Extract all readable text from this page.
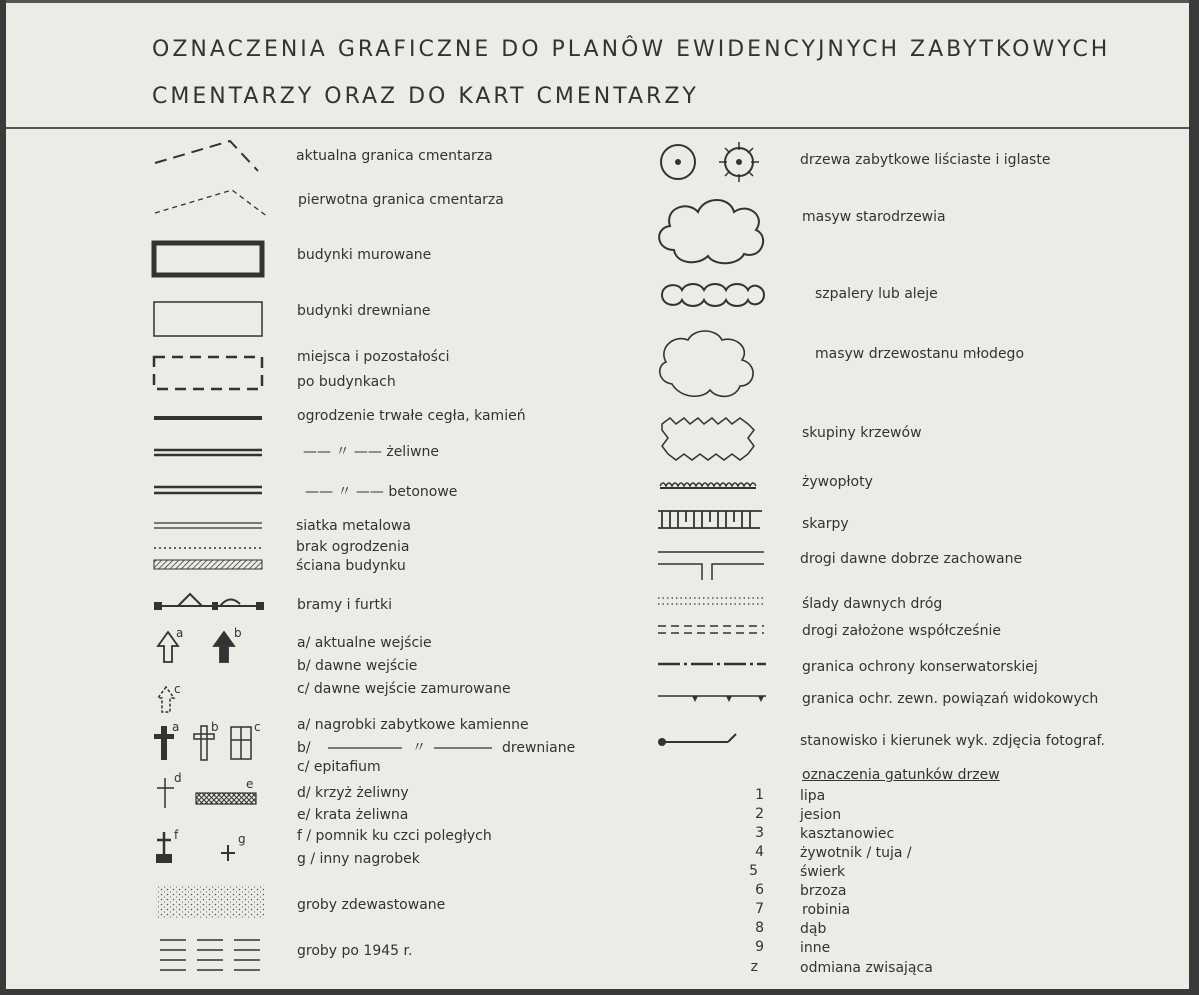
OZNACZENIA GRAFICZNE DO PLANÔW EWIDENCYJNYCH ZABYTKOWYCH
CMENTARZY ORAZ DO KART CMENTARZY
aktualna granica cmentarza
pierwotna granica cmentarza
budynki murowane
budynki drewniane
miejsca i pozostałości
po budynkach
ogrodzenie trwałe cegła, kamień
—— 〃 —— żeliwne
—— 〃 —— betonowe
siatka metalowa
brak ogrodzenia
ściana budynku
bramy i furtki
a	b
c
a/ aktualne wejście
b/ dawne wejście
c/ dawne wejście zamurowane
a	b	c	a/ nagrobki zabytkowe kamienne
b/	〃	drewniane
c/ epitafium
d	e
d/ krzyż żeliwny
e/ krata żeliwna
f	g	f / pomnik ku czci poległych
g / inny nagrobek
groby zdewastowane
groby po 1945 r.
drzewa zabytkowe liściaste i iglaste
masyw starodrzewia
szpalery lub aleje
masyw drzewostanu młodego
skupiny krzewów
żywopłoty
skarpy
drogi dawne dobrze zachowane
ślady dawnych dróg
drogi założone współcześnie
granica ochrony konserwatorskiej
granica ochr. zewn. powiązań widokowych
stanowisko i kierunek wyk. zdjęcia fotograf.
oznaczenia gatunków drzew
1	lipa
2	jesion
3	kasztanowiec
4	żywotnik / tuja /
5	świerk
6	brzoza
7	robinia
8	dąb
9	inne
z	odmiana zwisająca
